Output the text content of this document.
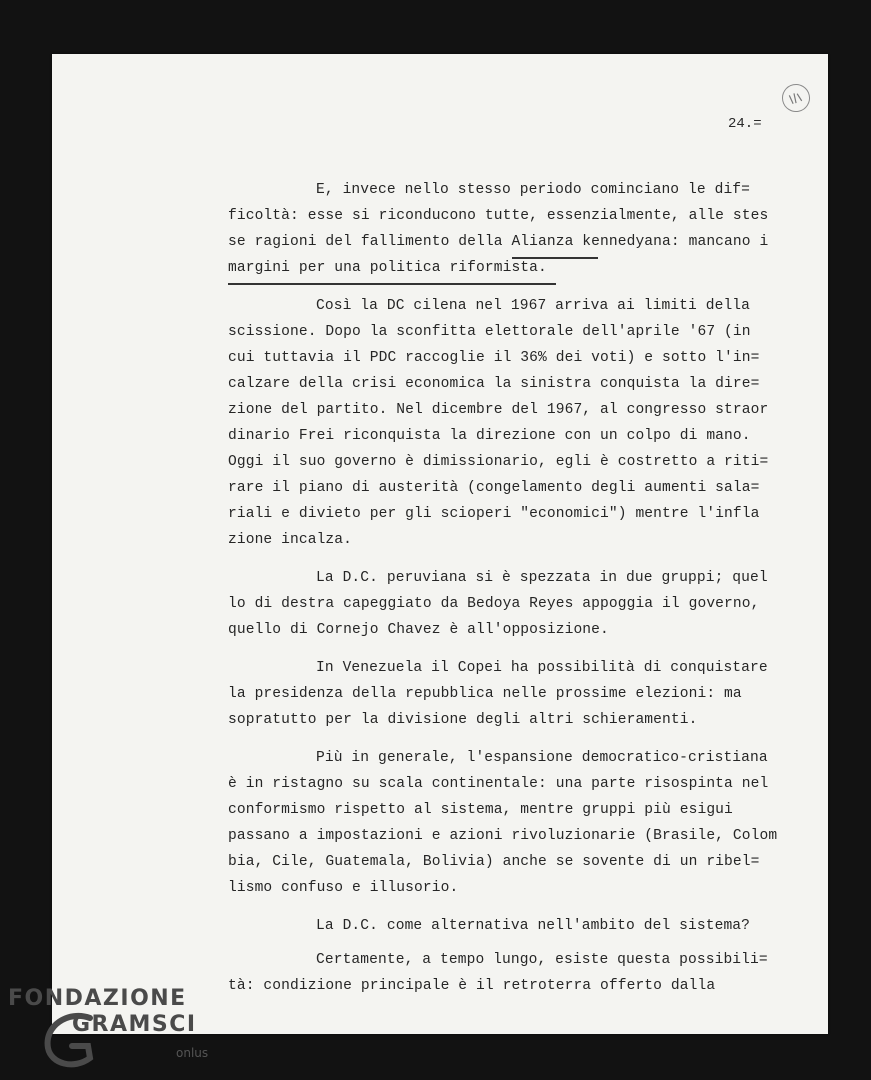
24.=
E, invece nello stesso periodo cominciano le dif=
ficoltà: esse si riconducono tutte, essenzialmente, alle stes
se ragioni del fallimento della Alianza kennedyana: mancano i
margini per una politica riformista.
Così la DC cilena nel 1967 arriva ai limiti della
scissione. Dopo la sconfitta elettorale dell'aprile '67 (in
cui tuttavia il PDC raccoglie il 36% dei voti) e sotto l'in=
calzare della crisi economica la sinistra conquista la dire=
zione del partito. Nel dicembre del 1967, al congresso straor
dinario Frei riconquista la direzione con un colpo di mano.
Oggi il suo governo è dimissionario, egli è costretto a riti=
rare il piano di austerità (congelamento degli aumenti sala=
riali e divieto per gli scioperi "economici") mentre l'infla
zione incalza.
La D.C. peruviana si è spezzata in due gruppi; quel
lo di destra capeggiato da Bedoya Reyes appoggia il governo,
quello di Cornejo Chavez è all'opposizione.
In Venezuela il Copei ha possibilità di conquistare
la presidenza della repubblica nelle prossime elezioni: ma
sopratutto per la divisione degli altri schieramenti.
Più in generale, l'espansione democratico-cristiana
è in ristagno su scala continentale: una parte risospinta nel
conformismo rispetto al sistema, mentre gruppi più esigui
passano a impostazioni e azioni rivoluzionarie (Brasile, Colom
bia, Cile, Guatemala, Bolivia) anche se sovente di un ribel=
lismo confuso e illusorio.
La D.C. come alternativa nell'ambito del sistema?
Certamente, a tempo lungo, esiste questa possibili=
tà: condizione principale è il retroterra offerto dalla
FONDAZIONE
GRAMSCI
onlus
